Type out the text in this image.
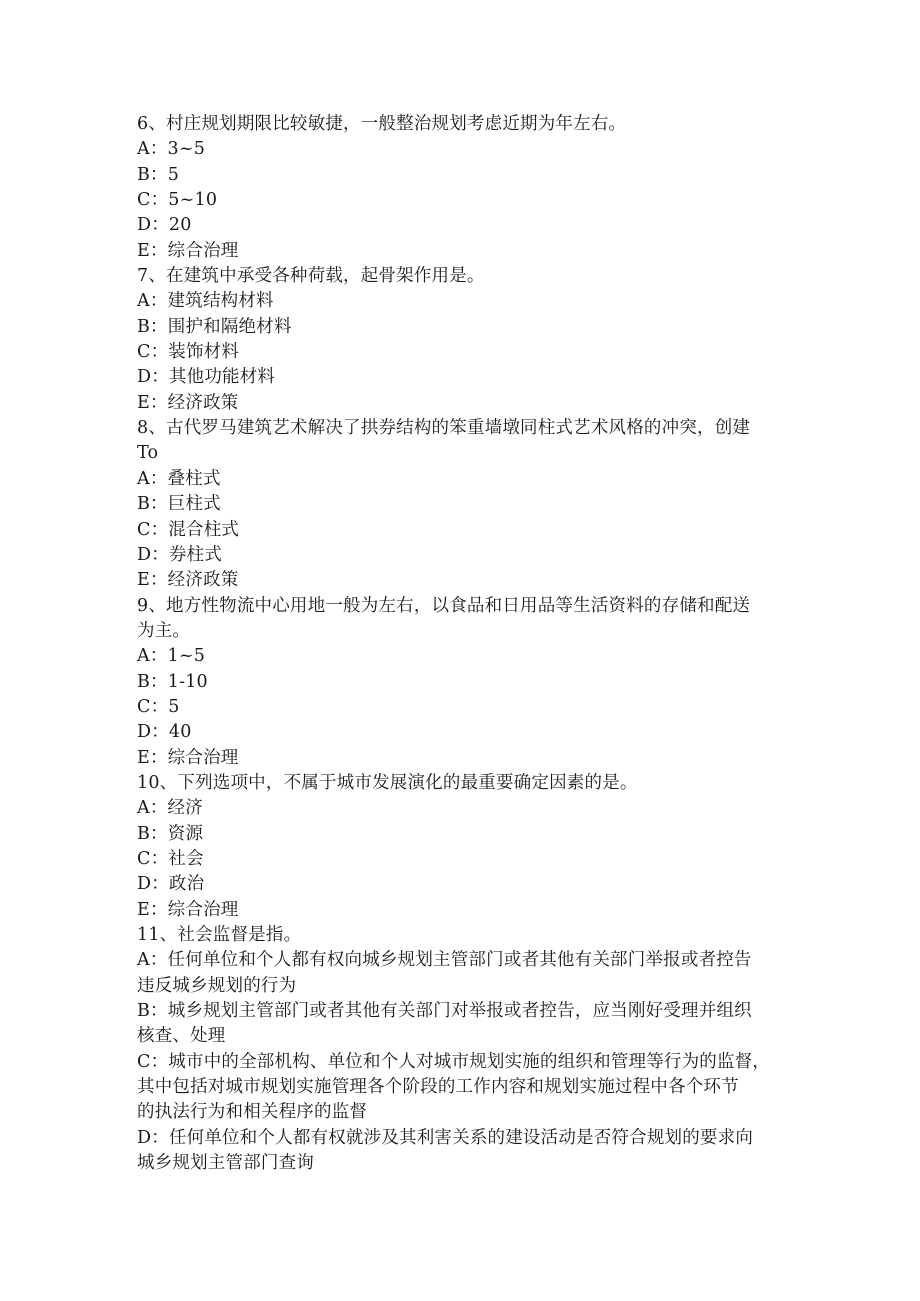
6、村庄规划期限比较敏捷，一般整治规划考虑近期为年左右。
A：3~5
B：5
C：5~10
D：20
E：综合治理
7、在建筑中承受各种荷载，起骨架作用是。
A：建筑结构材料
B：围护和隔绝材料
C：装饰材料
D：其他功能材料
E：经济政策
8、古代罗马建筑艺术解决了拱券结构的笨重墙墩同柱式艺术风格的冲突，创建
To
A：叠柱式
B：巨柱式
C：混合柱式
D：券柱式
E：经济政策
9、地方性物流中心用地一般为左右，以食品和日用品等生活资料的存储和配送
为主。
A：1~5
B：1-10
C：5
D：40
E：综合治理
10、下列选项中，不属于城市发展演化的最重要确定因素的是。
A：经济
B：资源
C：社会
D：政治
E：综合治理
11、社会监督是指。
A：任何单位和个人都有权向城乡规划主管部门或者其他有关部门举报或者控告
违反城乡规划的行为
B：城乡规划主管部门或者其他有关部门对举报或者控告，应当刚好受理并组织
核查、处理
C：城市中的全部机构、单位和个人对城市规划实施的组织和管理等行为的监督，
其中包括对城市规划实施管理各个阶段的工作内容和规划实施过程中各个环节
的执法行为和相关程序的监督
D：任何单位和个人都有权就涉及其利害关系的建设活动是否符合规划的要求向
城乡规划主管部门查询
